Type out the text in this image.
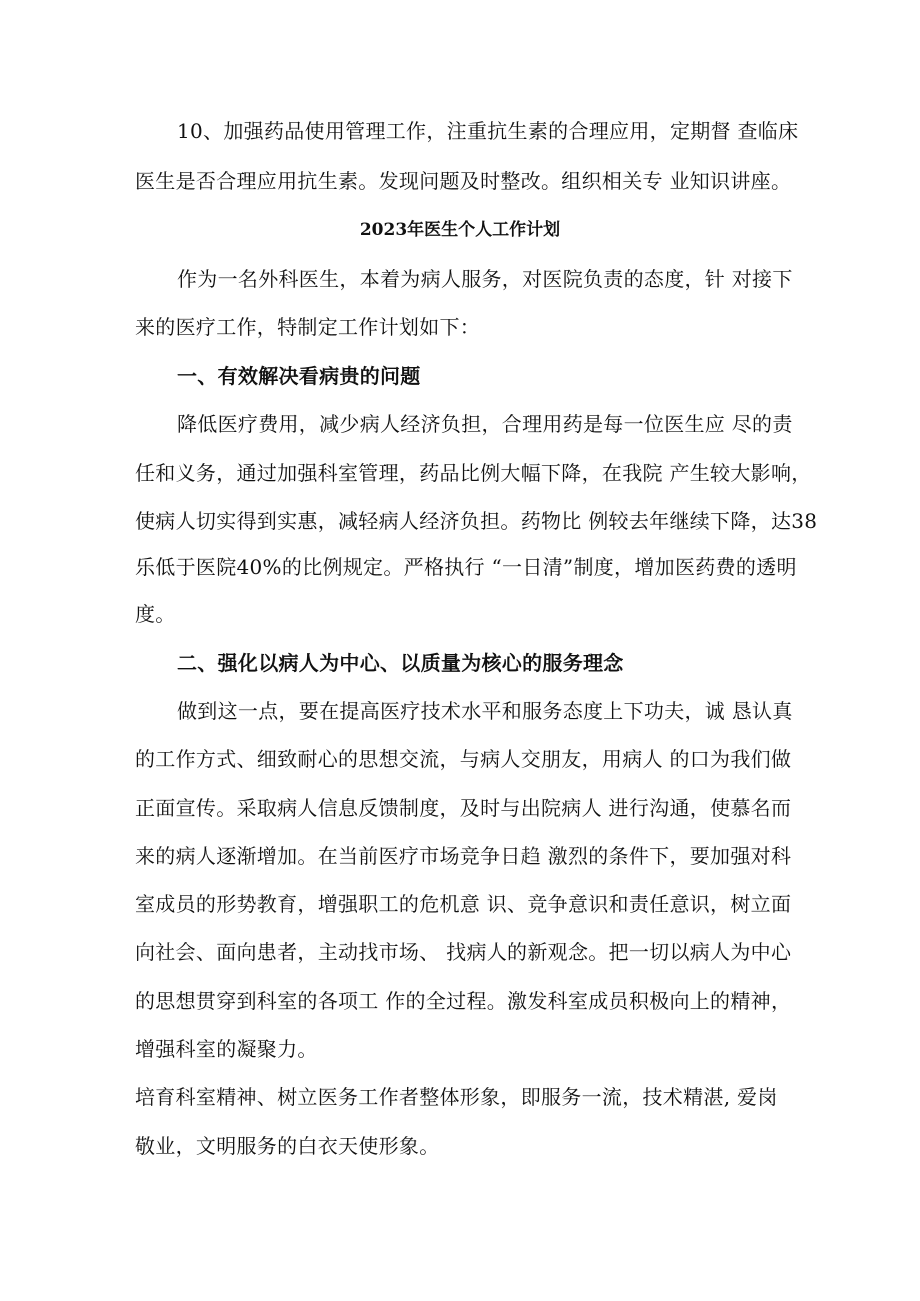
10、加强药品使用管理工作，注重抗生素的合理应用，定期督 查临床
医生是否合理应用抗生素。发现问题及时整改。组织相关专 业知识讲座。
2023年医生个人工作计划
作为一名外科医生，本着为病人服务，对医院负责的态度，针 对接下
来的医疗工作，特制定工作计划如下：
一、有效解决看病贵的问题
降低医疗费用，减少病人经济负担，合理用药是每一位医生应 尽的责
任和义务，通过加强科室管理，药品比例大幅下降，在我院 产生较大影响，
使病人切实得到实惠，减轻病人经济负担。药物比 例较去年继续下降，达38
乐低于医院40%的比例规定。严格执行 “一日清”制度，增加医药费的透明
度。
二、强化以病人为中心、以质量为核心的服务理念
做到这一点，要在提高医疗技术水平和服务态度上下功夫，诚 恳认真
的工作方式、细致耐心的思想交流，与病人交朋友，用病人 的口为我们做
正面宣传。采取病人信息反馈制度，及时与出院病人 进行沟通，使慕名而
来的病人逐渐增加。在当前医疗市场竞争日趋 激烈的条件下，要加强对科
室成员的形势教育，增强职工的危机意 识、竞争意识和责任意识，树立面
向社会、面向患者，主动找市场、 找病人的新观念。把一切以病人为中心
的思想贯穿到科室的各项工 作的全过程。激发科室成员积极向上的精神，
增强科室的凝聚力。
培育科室精神、树立医务工作者整体形象，即服务一流，技术精湛, 爱岗
敬业，文明服务的白衣天使形象。
